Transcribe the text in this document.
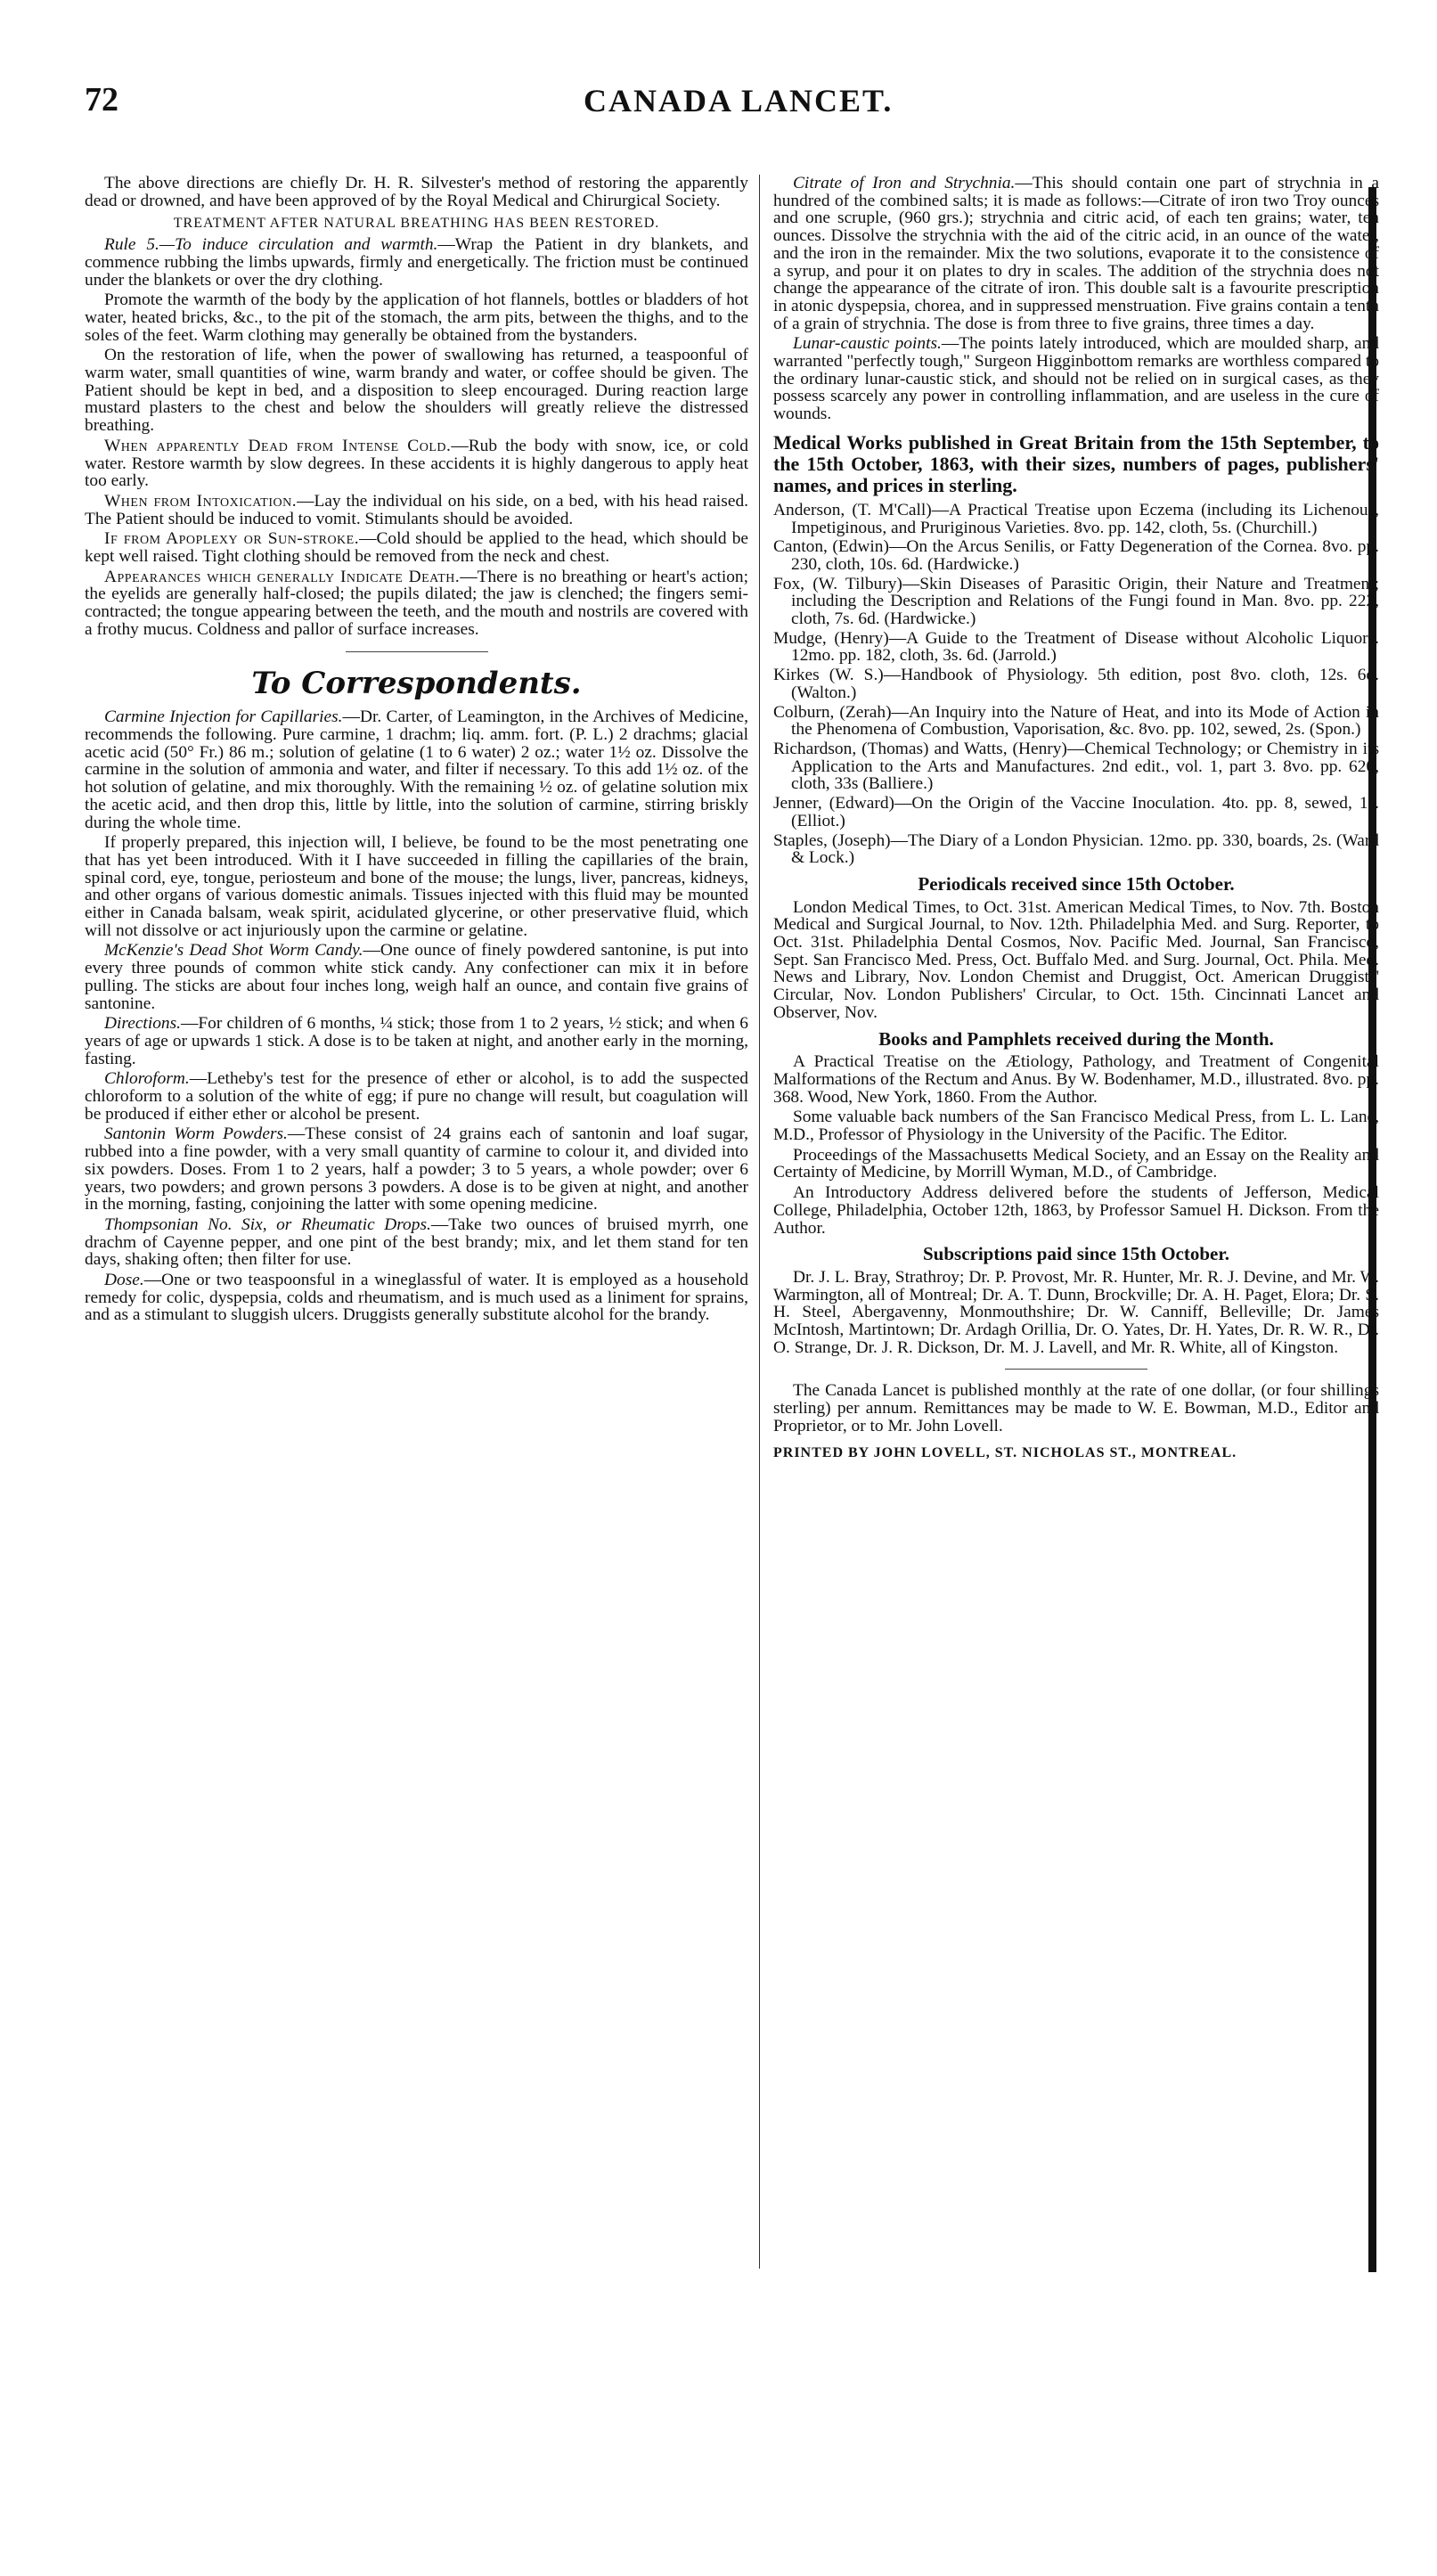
72	CANADA LANCET.

The above directions are chiefly Dr. H. R. Silvester's method of restoring the apparently dead or drowned, and have been approved of by the Royal Medical and Chirurgical Society.

TREATMENT AFTER NATURAL BREATHING HAS BEEN RESTORED.

Rule 5.—To induce circulation and warmth.—Wrap the Patient in dry blankets, and commence rubbing the limbs upwards, firmly and energetically. The friction must be continued under the blankets or over the dry clothing.

Promote the warmth of the body by the application of hot flannels, bottles or bladders of hot water, heated bricks, &c., to the pit of the stomach, the arm pits, between the thighs, and to the soles of the feet. Warm clothing may generally be obtained from the bystanders.

On the restoration of life, when the power of swallowing has returned, a teaspoonful of warm water, small quantities of wine, warm brandy and water, or coffee should be given. The Patient should be kept in bed, and a disposition to sleep encouraged. During reaction large mustard plasters to the chest and below the shoulders will greatly relieve the distressed breathing.

When apparently Dead from Intense Cold.—Rub the body with snow, ice, or cold water. Restore warmth by slow degrees. In these accidents it is highly dangerous to apply heat too early.

When from Intoxication.—Lay the individual on his side, on a bed, with his head raised. The Patient should be induced to vomit. Stimulants should be avoided.

If from Apoplexy or Sun-stroke.—Cold should be applied to the head, which should be kept well raised. Tight clothing should be removed from the neck and chest.

Appearances which generally Indicate Death.—There is no breathing or heart's action; the eyelids are generally half-closed; the pupils dilated; the jaw is clenched; the fingers semi-contracted; the tongue appearing between the teeth, and the mouth and nostrils are covered with a frothy mucus. Coldness and pallor of surface increases.

To Correspondents.

Carmine Injection for Capillaries.—Dr. Carter, of Leamington, in the Archives of Medicine, recommends the following. Pure carmine, 1 drachm; liq. amm. fort. (P. L.) 2 drachms; glacial acetic acid (50° Fr.) 86 m.; solution of gelatine (1 to 6 water) 2 oz.; water 1½ oz. Dissolve the carmine in the solution of ammonia and water, and filter if necessary. To this add 1½ oz. of the hot solution of gelatine, and mix thoroughly. With the remaining ½ oz. of gelatine solution mix the acetic acid, and then drop this, little by little, into the solution of carmine, stirring briskly during the whole time.

If properly prepared, this injection will, I believe, be found to be the most penetrating one that has yet been introduced. With it I have succeeded in filling the capillaries of the brain, spinal cord, eye, tongue, periosteum and bone of the mouse; the lungs, liver, pancreas, kidneys, and other organs of various domestic animals. Tissues injected with this fluid may be mounted either in Canada balsam, weak spirit, acidulated glycerine, or other preservative fluid, which will not dissolve or act injuriously upon the carmine or gelatine.

McKenzie's Dead Shot Worm Candy.—One ounce of finely powdered santonine, is put into every three pounds of common white stick candy. Any confectioner can mix it in before pulling. The sticks are about four inches long, weigh half an ounce, and contain five grains of santonine.

Directions.—For children of 6 months, ¼ stick; those from 1 to 2 years, ½ stick; and when 6 years of age or upwards 1 stick. A dose is to be taken at night, and another early in the morning, fasting.

Chloroform.—Letheby's test for the presence of ether or alcohol, is to add the suspected chloroform to a solution of the white of egg; if pure no change will result, but coagulation will be produced if either ether or alcohol be present.

Santonin Worm Powders.—These consist of 24 grains each of santonin and loaf sugar, rubbed into a fine powder, with a very small quantity of carmine to colour it, and divided into six powders. Doses. From 1 to 2 years, half a powder; 3 to 5 years, a whole powder; over 6 years, two powders; and grown persons 3 powders. A dose is to be given at night, and another in the morning, fasting, conjoining the latter with some opening medicine.

Thompsonian No. Six, or Rheumatic Drops.—Take two ounces of bruised myrrh, one drachm of Cayenne pepper, and one pint of the best brandy; mix, and let them stand for ten days, shaking often; then filter for use.

Dose.—One or two teaspoonsful in a wineglassful of water. It is employed as a household remedy for colic, dyspepsia, colds and rheumatism, and is much used as a liniment for sprains, and as a stimulant to sluggish ulcers. Druggists generally substitute alcohol for the brandy.

Citrate of Iron and Strychnia.—This should contain one part of strychnia in a hundred of the combined salts; it is made as follows:—Citrate of iron two Troy ounces and one scruple, (960 grs.); strychnia and citric acid, of each ten grains; water, ten ounces. Dissolve the strychnia with the aid of the citric acid, in an ounce of the water, and the iron in the remainder. Mix the two solutions, evaporate it to the consistence of a syrup, and pour it on plates to dry in scales. The addition of the strychnia does not change the appearance of the citrate of iron. This double salt is a favourite prescription in atonic dyspepsia, chorea, and in suppressed menstruation. Five grains contain a tenth of a grain of strychnia. The dose is from three to five grains, three times a day.

Lunar-caustic points.—The points lately introduced, which are moulded sharp, and warranted "perfectly tough," Surgeon Higginbottom remarks are worthless compared to the ordinary lunar-caustic stick, and should not be relied on in surgical cases, as they possess scarcely any power in controlling inflammation, and are useless in the cure of wounds.

Medical Works published in Great Britain from the 15th September, to the 15th October, 1863, with their sizes, numbers of pages, publishers' names, and prices in sterling.

Anderson, (T. M'Call)—A Practical Treatise upon Eczema (including its Lichenous, Impetiginous, and Pruriginous Varieties. 8vo. pp. 142, cloth, 5s. (Churchill.)

Canton, (Edwin)—On the Arcus Senilis, or Fatty Degeneration of the Cornea. 8vo. pp. 230, cloth, 10s. 6d. (Hardwicke.)

Fox, (W. Tilbury)—Skin Diseases of Parasitic Origin, their Nature and Treatment; including the Description and Relations of the Fungi found in Man. 8vo. pp. 222, cloth, 7s. 6d. (Hardwicke.)

Mudge, (Henry)—A Guide to the Treatment of Disease without Alcoholic Liquors. 12mo. pp. 182, cloth, 3s. 6d. (Jarrold.)

Kirkes (W. S.)—Handbook of Physiology. 5th edition, post 8vo. cloth, 12s. 6d. (Walton.)

Colburn, (Zerah)—An Inquiry into the Nature of Heat, and into its Mode of Action in the Phenomena of Combustion, Vaporisation, &c. 8vo. pp. 102, sewed, 2s. (Spon.)

Richardson, (Thomas) and Watts, (Henry)—Chemical Technology; or Chemistry in its Application to the Arts and Manufactures. 2nd edit., vol. 1, part 3. 8vo. pp. 620, cloth, 33s (Balliere.)

Jenner, (Edward)—On the Origin of the Vaccine Inoculation. 4to. pp. 8, sewed, 1s. (Elliot.)

Staples, (Joseph)—The Diary of a London Physician. 12mo. pp. 330, boards, 2s. (Ward & Lock.)

Periodicals received since 15th October.

London Medical Times, to Oct. 31st. American Medical Times, to Nov. 7th. Boston Medical and Surgical Journal, to Nov. 12th. Philadelphia Med. and Surg. Reporter, to Oct. 31st. Philadelphia Dental Cosmos, Nov. Pacific Med. Journal, San Francisco, Sept. San Francisco Med. Press, Oct. Buffalo Med. and Surg. Journal, Oct. Phila. Med. News and Library, Nov. London Chemist and Druggist, Oct. American Druggists' Circular, Nov. London Publishers' Circular, to Oct. 15th. Cincinnati Lancet and Observer, Nov.

Books and Pamphlets received during the Month.

A Practical Treatise on the Ætiology, Pathology, and Treatment of Congenital Malformations of the Rectum and Anus. By W. Bodenhamer, M.D., illustrated. 8vo. pp. 368. Wood, New York, 1860. From the Author.

Some valuable back numbers of the San Francisco Medical Press, from L. L. Lane, M.D., Professor of Physiology in the University of the Pacific. The Editor.

Proceedings of the Massachusetts Medical Society, and an Essay on the Reality and Certainty of Medicine, by Morrill Wyman, M.D., of Cambridge.

An Introductory Address delivered before the students of Jefferson, Medical College, Philadelphia, October 12th, 1863, by Professor Samuel H. Dickson. From the Author.

Subscriptions paid since 15th October.

Dr. J. L. Bray, Strathroy; Dr. P. Provost, Mr. R. Hunter, Mr. R. J. Devine, and Mr. W. Warmington, all of Montreal; Dr. A. T. Dunn, Brockville; Dr. A. H. Paget, Elora; Dr. S. H. Steel, Abergavenny, Monmouthshire; Dr. W. Canniff, Belleville; Dr. James McIntosh, Martintown; Dr. Ardagh Orillia, Dr. O. Yates, Dr. H. Yates, Dr. R. W. R., Dr. O. Strange, Dr. J. R. Dickson, Dr. M. J. Lavell, and Mr. R. White, all of Kingston.

The Canada Lancet is published monthly at the rate of one dollar, (or four shillings sterling) per annum. Remittances may be made to W. E. Bowman, M.D., Editor and Proprietor, or to Mr. John Lovell.

PRINTED BY JOHN LOVELL, ST. NICHOLAS ST., MONTREAL.
